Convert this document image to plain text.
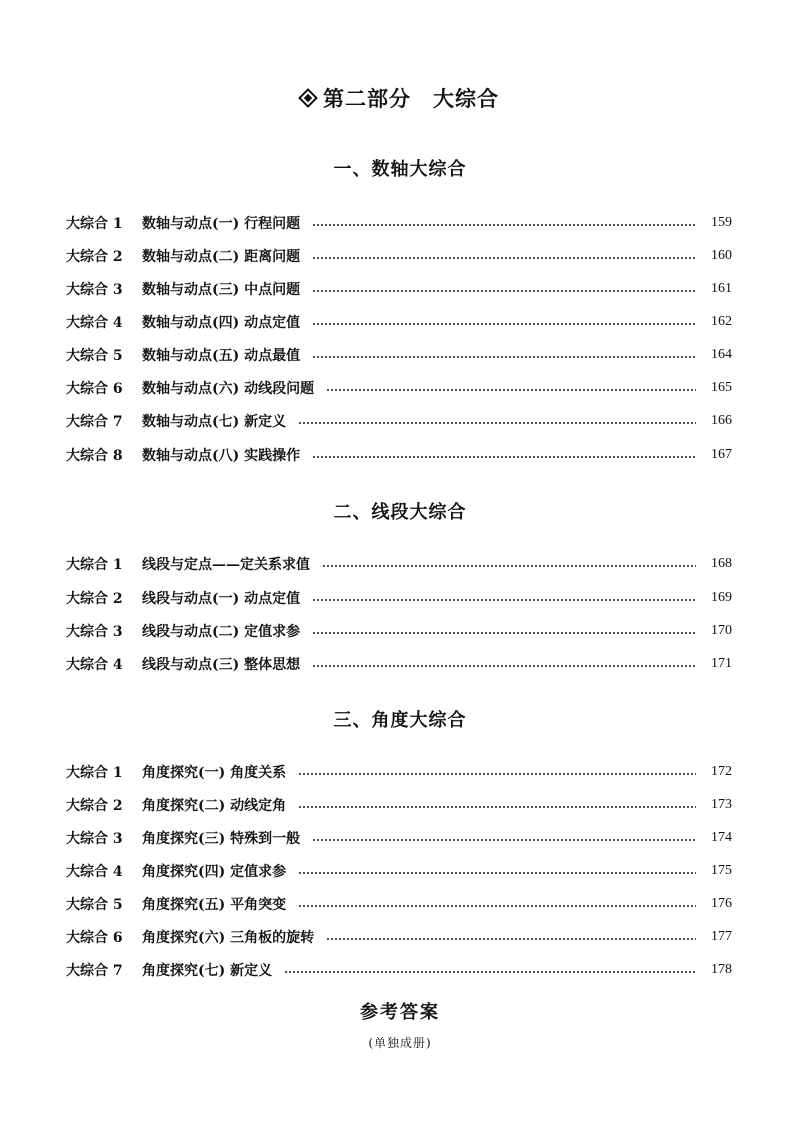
第二部分 大综合
一、数轴大综合
大综合 1	数轴与动点(一) 行程问题	159
大综合 2	数轴与动点(二) 距离问题	160
大综合 3	数轴与动点(三) 中点问题	161
大综合 4	数轴与动点(四) 动点定值	162
大综合 5	数轴与动点(五) 动点最值	164
大综合 6	数轴与动点(六) 动线段问题	165
大综合 7	数轴与动点(七) 新定义	166
大综合 8	数轴与动点(八) 实践操作	167
二、线段大综合
大综合 1	线段与定点——定关系求值	168
大综合 2	线段与动点(一) 动点定值	169
大综合 3	线段与动点(二) 定值求参	170
大综合 4	线段与动点(三) 整体思想	171
三、角度大综合
大综合 1	角度探究(一) 角度关系	172
大综合 2	角度探究(二) 动线定角	173
大综合 3	角度探究(三) 特殊到一般	174
大综合 4	角度探究(四) 定值求参	175
大综合 5	角度探究(五) 平角突变	176
大综合 6	角度探究(六) 三角板的旋转	177
大综合 7	角度探究(七) 新定义	178
参考答案
(单独成册)
